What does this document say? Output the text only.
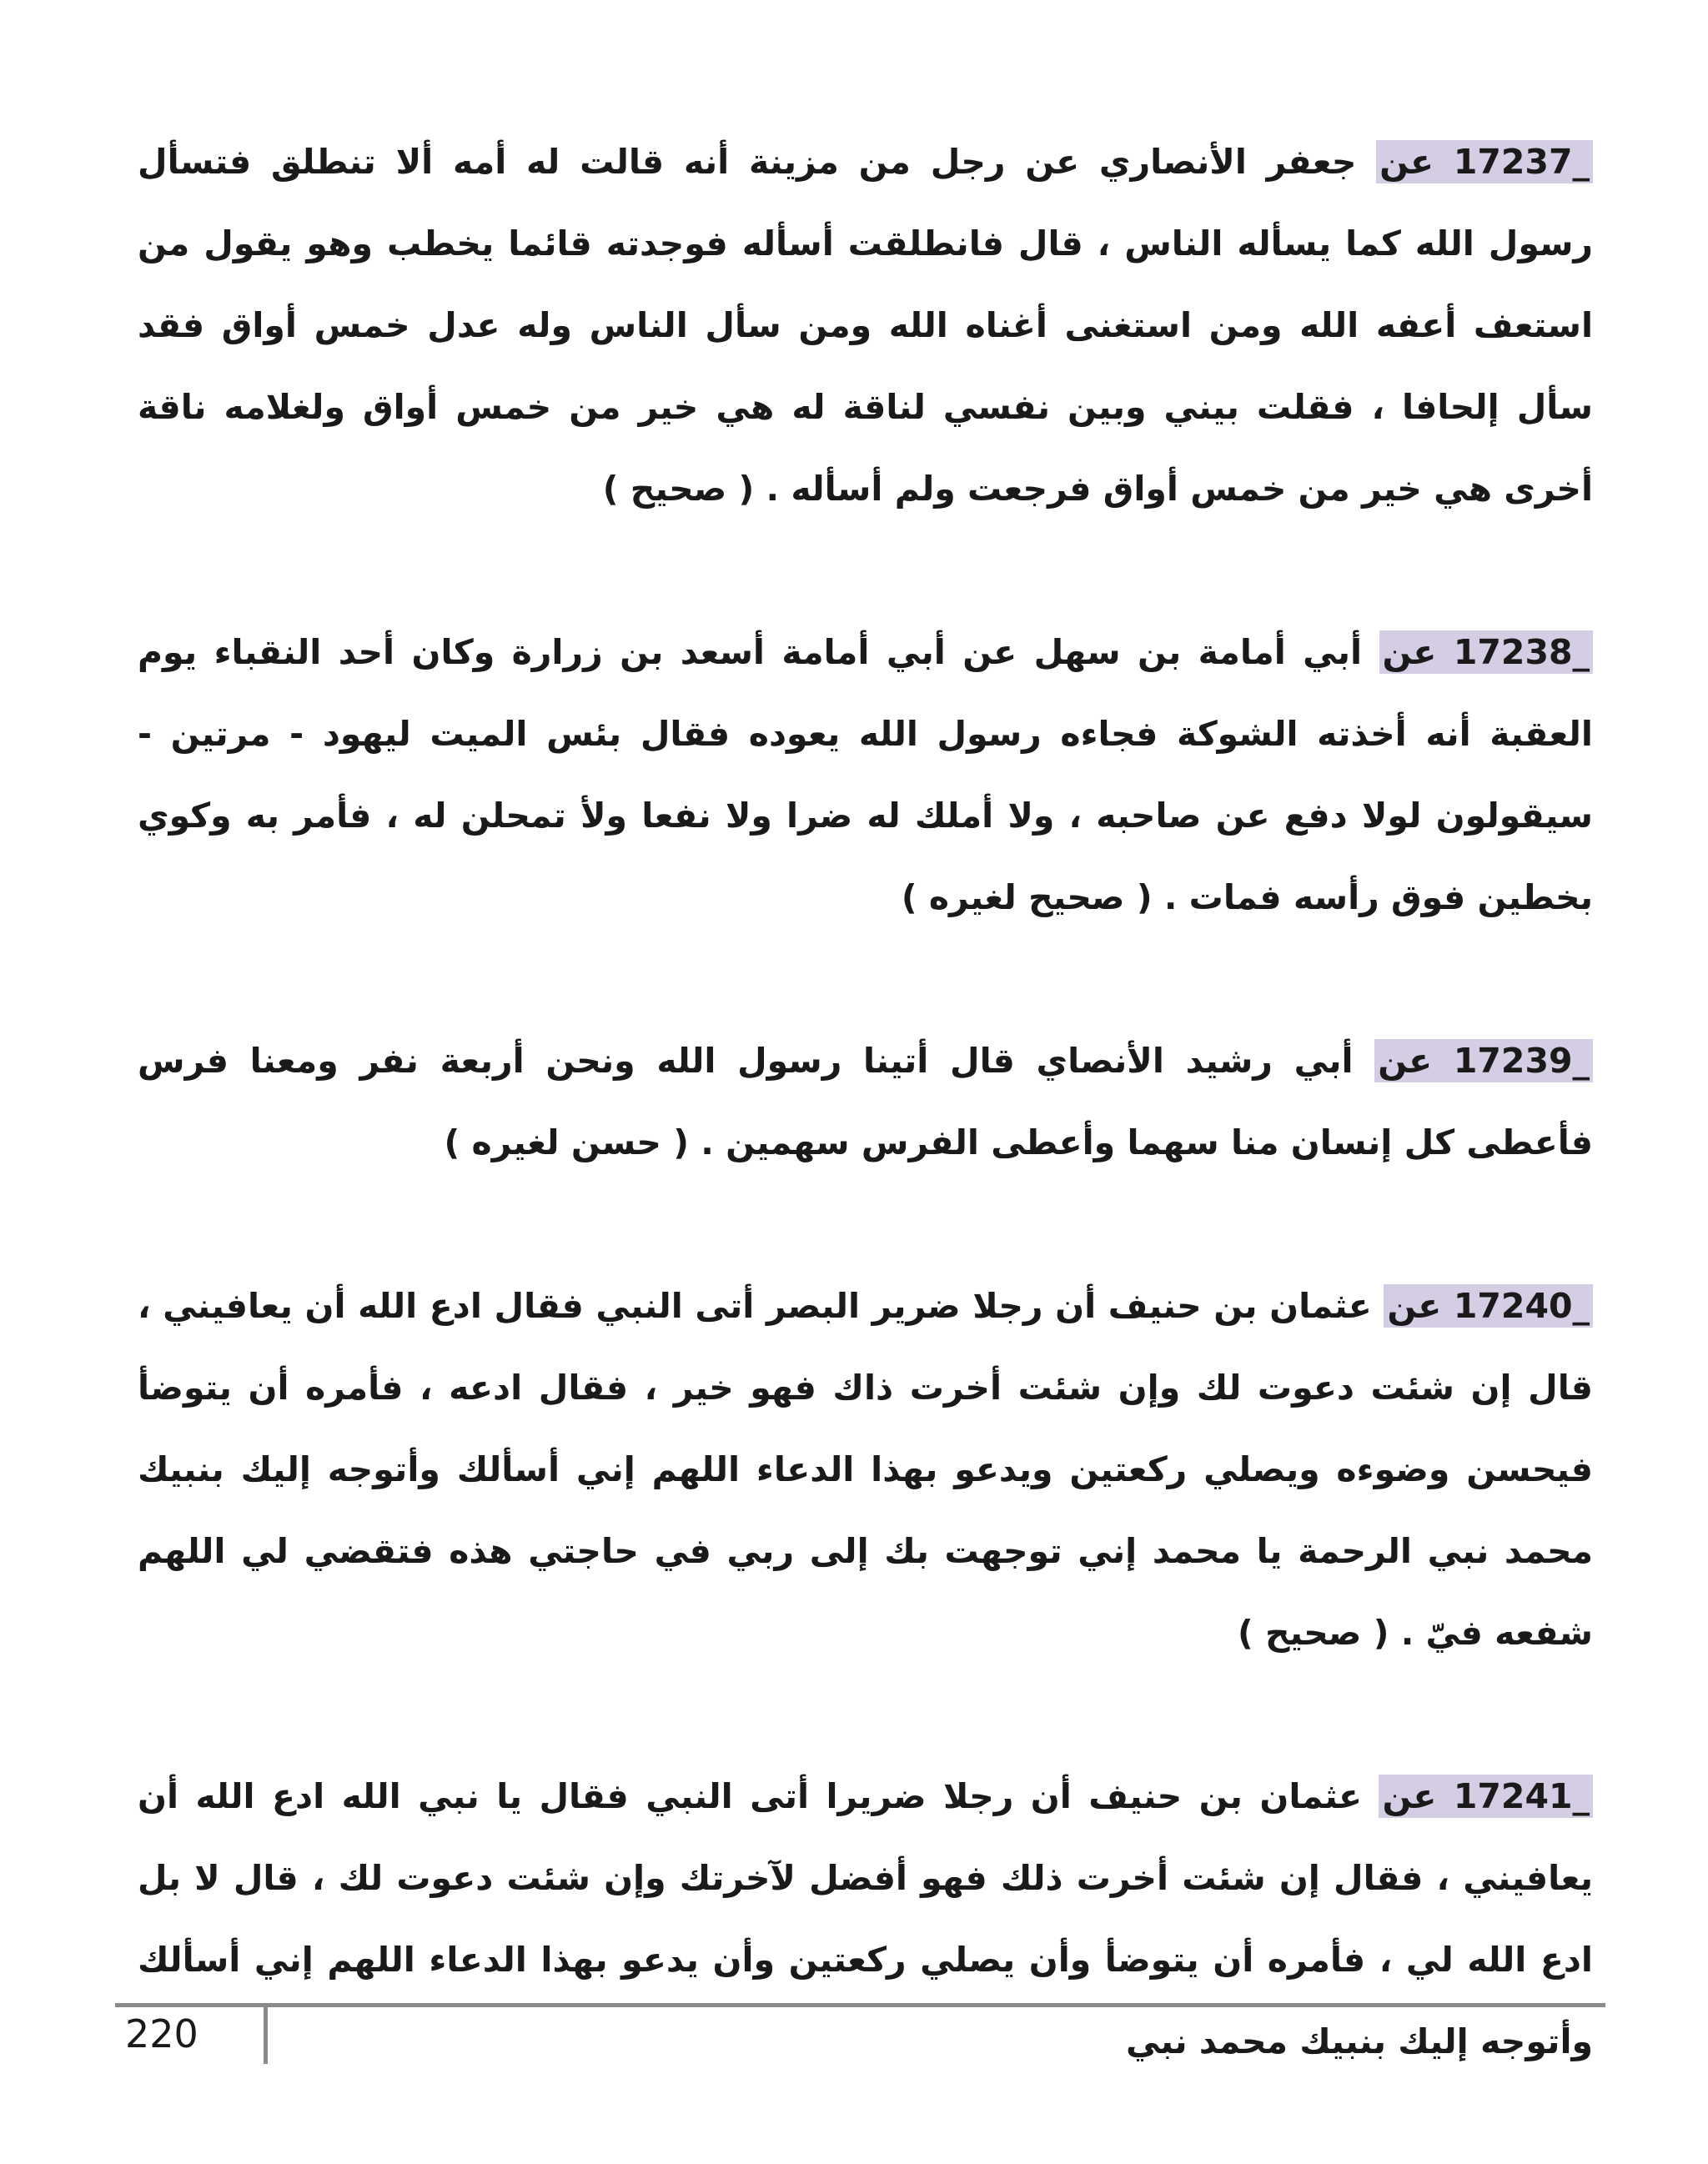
17237_ عن جعفر الأنصاري عن رجل من مزينة أنه قالت له أمه ألا تنطلق فتسأل رسول الله كما يسأله الناس ، قال فانطلقت أسأله فوجدته قائما يخطب وهو يقول من استعف أعفه الله ومن استغنى أغناه الله ومن سأل الناس وله عدل خمس أواق فقد سأل إلحافا ، فقلت بيني وبين نفسي لناقة له هي خير من خمس أواق ولغلامه ناقة أخرى هي خير من خمس أواق فرجعت ولم أسأله . ( صحيح )

17238_ عن أبي أمامة بن سهل عن أبي أمامة أسعد بن زرارة وكان أحد النقباء يوم العقبة أنه أخذته الشوكة فجاءه رسول الله يعوده فقال بئس الميت ليهود - مرتين - سيقولون لولا دفع عن صاحبه ، ولا أملك له ضرا ولا نفعا ولأ تمحلن له ، فأمر به وكوي بخطين فوق رأسه فمات . ( صحيح لغيره )

17239_ عن أبي رشيد الأنصاي قال أتينا رسول الله ونحن أربعة نفر ومعنا فرس فأعطى كل إنسان منا سهما وأعطى الفرس سهمين . ( حسن لغيره )

17240_ عن عثمان بن حنيف أن رجلا ضرير البصر أتى النبي فقال ادع الله أن يعافيني ، قال إن شئت دعوت لك وإن شئت أخرت ذاك فهو خير ، فقال ادعه ، فأمره أن يتوضأ فيحسن وضوءه ويصلي ركعتين ويدعو بهذا الدعاء اللهم إني أسألك وأتوجه إليك بنبيك محمد نبي الرحمة يا محمد إني توجهت بك إلى ربي في حاجتي هذه فتقضي لي اللهم شفعه فيّ . ( صحيح )

17241_ عن عثمان بن حنيف أن رجلا ضريرا أتى النبي فقال يا نبي الله ادع الله أن يعافيني ، فقال إن شئت أخرت ذلك فهو أفضل لآخرتك وإن شئت دعوت لك ، قال لا بل ادع الله لي ، فأمره أن يتوضأ وأن يصلي ركعتين وأن يدعو بهذا الدعاء اللهم إني أسألك وأتوجه إليك بنبيك محمد نبي

220
